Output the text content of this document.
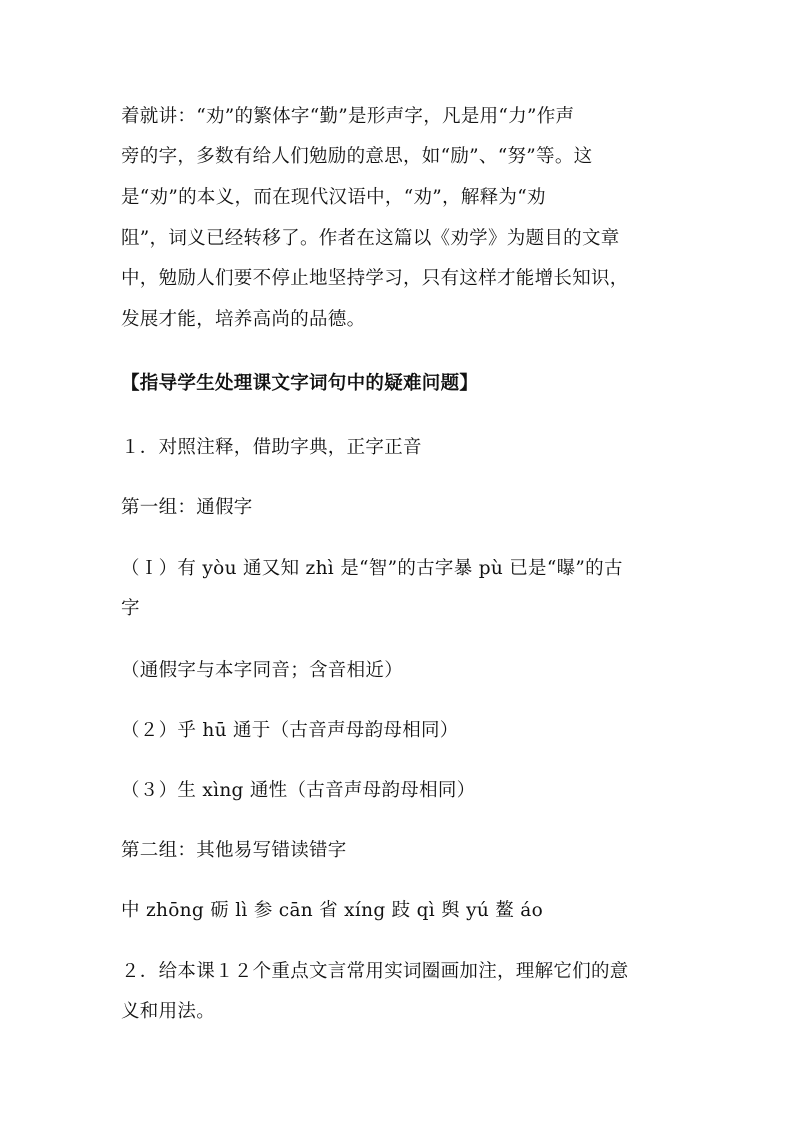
着就讲：“劝”的繁体字“勤”是形声字，凡是用“力”作声
旁的字，多数有给人们勉励的意思，如“励”、“努”等。这
是“劝”的本义，而在现代汉语中，“劝”，解释为“劝
阻”，词义已经转移了。作者在这篇以《劝学》为题目的文章
中，勉励人们要不停止地坚持学习，只有这样才能增长知识，
发展才能，培养高尚的品德。
【指导学生处理课文字词句中的疑难问题】
１．对照注释，借助字典，正字正音
第一组：通假字
（Ｉ）有 yòu 通又知 zhì 是“智”的古字暴 pù 已是“曝”的古
字
（通假字与本字同音；含音相近）
（２）乎 hū 通于（古音声母韵母相同）
（３）生 xìng 通性（古音声母韵母相同）
第二组：其他易写错读错字
中 zhōng 砺 lì 参 cān 省 xíng 跂 qì 舆 yú 鳌 áo
２．给本课１２个重点文言常用实词圈画加注，理解它们的意
义和用法。
